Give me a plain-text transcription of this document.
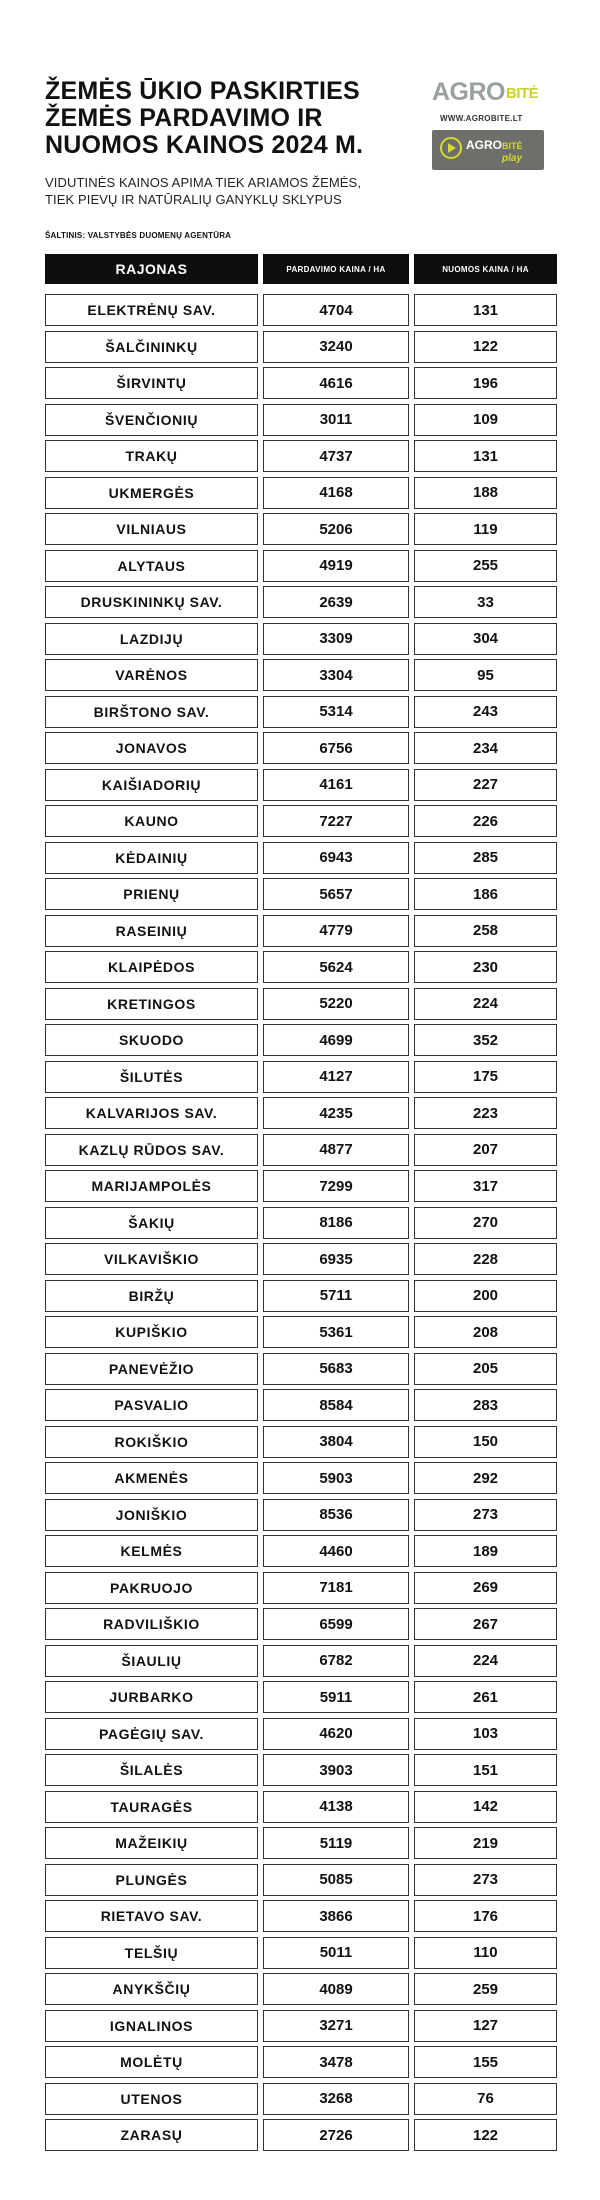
ŽEMĖS ŪKIO PASKIRTIES
ŽEMĖS PARDAVIMO IR
NUOMOS KAINOS 2024 M.
VIDUTINĖS KAINOS APIMA TIEK ARIAMOS ŽEMĖS,
TIEK PIEVŲ IR NATŪRALIŲ GANYKLŲ SKLYPUS
ŠALTINIS: VALSTYBĖS DUOMENŲ AGENTŪRA
AGROBITĖ
WWW.AGROBITE.LT
AGROBITĖ
play
RAJONAS	PARDAVIMO KAINA / HA	NUOMOS KAINA / HA
ELEKTRĖNŲ SAV.	4704	131
ŠALČININKŲ	3240	122
ŠIRVINTŲ	4616	196
ŠVENČIONIŲ	3011	109
TRAKŲ	4737	131
UKMERGĖS	4168	188
VILNIAUS	5206	119
ALYTAUS	4919	255
DRUSKININKŲ SAV.	2639	33
LAZDIJŲ	3309	304
VARĖNOS	3304	95
BIRŠTONO SAV.	5314	243
JONAVOS	6756	234
KAIŠIADORIŲ	4161	227
KAUNO	7227	226
KĖDAINIŲ	6943	285
PRIENŲ	5657	186
RASEINIŲ	4779	258
KLAIPĖDOS	5624	230
KRETINGOS	5220	224
SKUODO	4699	352
ŠILUTĖS	4127	175
KALVARIJOS SAV.	4235	223
KAZLŲ RŪDOS SAV.	4877	207
MARIJAMPOLĖS	7299	317
ŠAKIŲ	8186	270
VILKAVIŠKIO	6935	228
BIRŽŲ	5711	200
KUPIŠKIO	5361	208
PANEVĖŽIO	5683	205
PASVALIO	8584	283
ROKIŠKIO	3804	150
AKMENĖS	5903	292
JONIŠKIO	8536	273
KELMĖS	4460	189
PAKRUOJO	7181	269
RADVILIŠKIO	6599	267
ŠIAULIŲ	6782	224
JURBARKO	5911	261
PAGĖGIŲ SAV.	4620	103
ŠILALĖS	3903	151
TAURAGĖS	4138	142
MAŽEIKIŲ	5119	219
PLUNGĖS	5085	273
RIETAVO SAV.	3866	176
TELŠIŲ	5011	110
ANYKŠČIŲ	4089	259
IGNALINOS	3271	127
MOLĖTŲ	3478	155
UTENOS	3268	76
ZARASŲ	2726	122
